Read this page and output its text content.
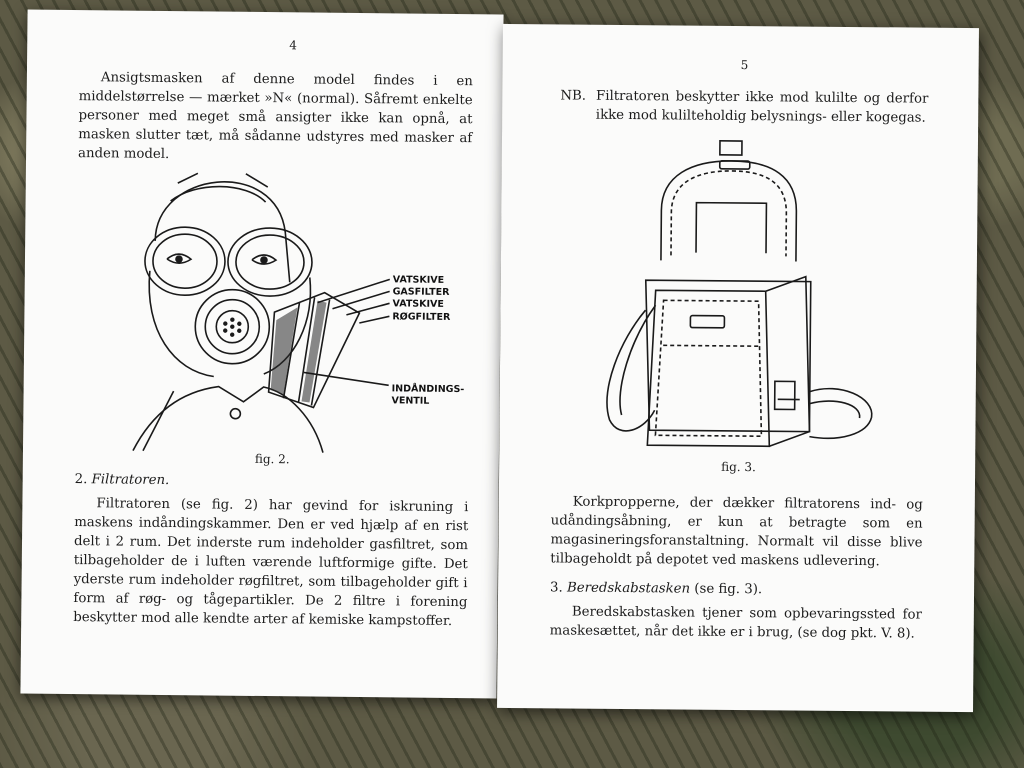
4

Ansigtsmasken af denne model findes i en middelstørrelse — mærket »N« (normal). Såfremt enkelte personer med meget små ansigter ikke kan opnå, at masken slutter tæt, må sådanne udstyres med masker af anden model.

VATSKIVE
GASFILTER
VATSKIVE
RØGFILTER
INDÅNDINGS-
VENTIL
fig. 2.
2. Filtratoren.

Filtratoren (se fig. 2) har gevind for iskruning i maskens indåndingskammer. Den er ved hjælp af en rist delt i 2 rum. Det inderste rum indeholder gasfiltret, som tilbageholder de i luften værende luftformige gifte. Det yderste rum indeholder røgfiltret, som tilbageholder gift i form af røg- og tågepartikler. De 2 filtre i forening beskytter mod alle kendte arter af kemiske kampstoffer.

5

NB. Filtratoren beskytter ikke mod kulilte og derfor ikke mod kulilteholdig belysnings- eller kogegas.

fig. 3.

Korkpropperne, der dækker filtratorens ind- og udåndingsåbning, er kun at betragte som en magasineringsforanstaltning. Normalt vil disse blive tilbageholdt på depotet ved maskens udlevering.

3. Beredskabstasken (se fig. 3).

Beredskabstasken tjener som opbevaringssted for maskesættet, når det ikke er i brug, (se dog pkt. V. 8).
